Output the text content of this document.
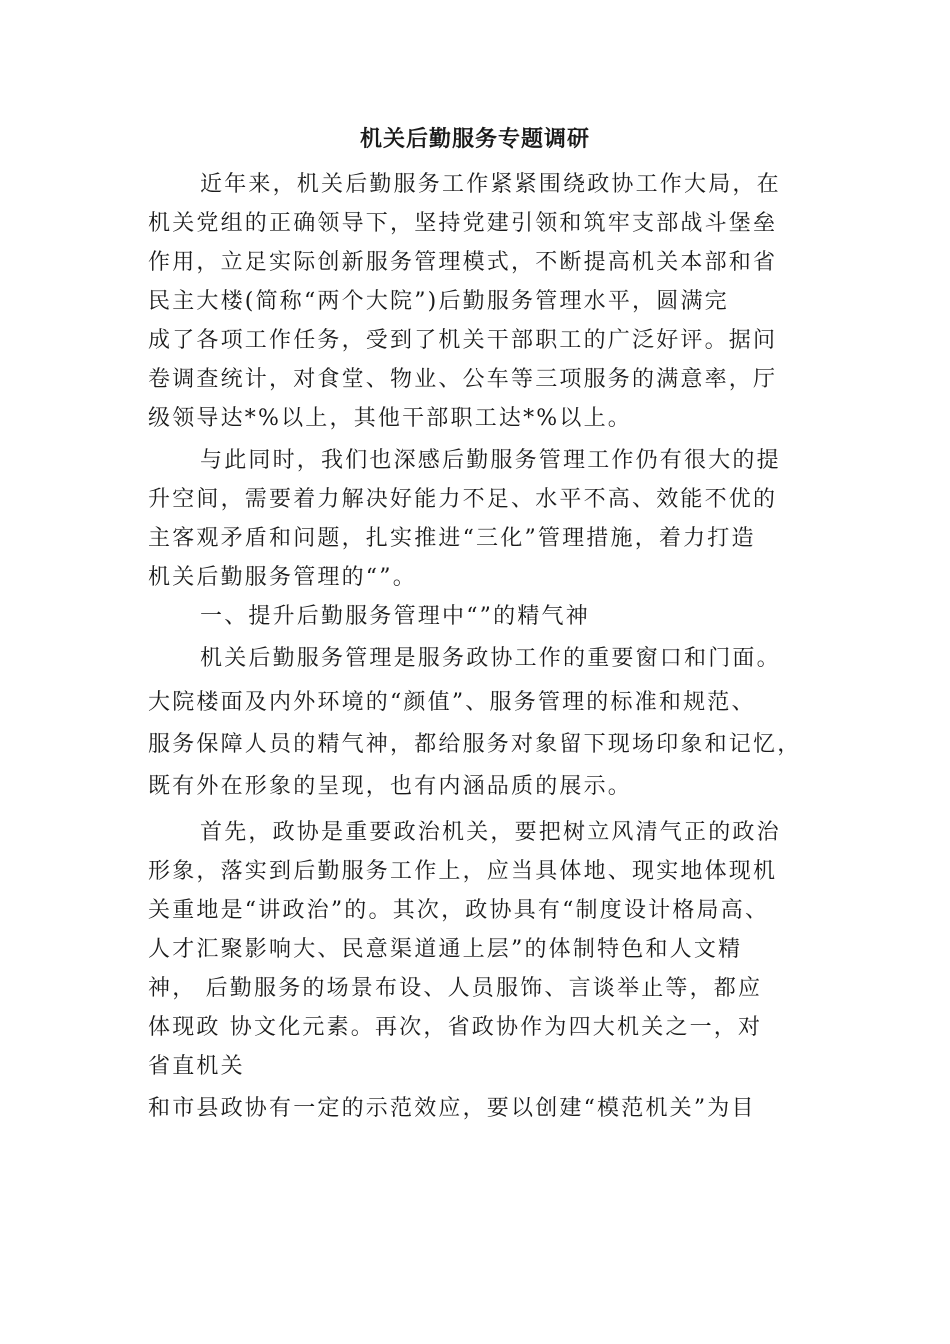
机关后勤服务专题调研
近年来，机关后勤服务工作紧紧围绕政协工作大局，在
机关党组的正确领导下，坚持党建引领和筑牢支部战斗堡垒
作用，立足实际创新服务管理模式，不断提高机关本部和省
民主大楼(简称“两个大院”)后勤服务管理水平，圆满完
成了各项工作任务，受到了机关干部职工的广泛好评。据问
卷调查统计，对食堂、物业、公车等三项服务的满意率，厅
级领导达*%以上，其他干部职工达*%以上。
与此同时，我们也深感后勤服务管理工作仍有很大的提
升空间，需要着力解决好能力不足、水平不高、效能不优的
主客观矛盾和问题，扎实推进“三化”管理措施，着力打造
机关后勤服务管理的“”。
一、提升后勤服务管理中“”的精气神
机关后勤服务管理是服务政协工作的重要窗口和门面。
大院楼面及内外环境的“颜值”、服务管理的标准和规范、
服务保障人员的精气神，都给服务对象留下现场印象和记忆，
既有外在形象的呈现，也有内涵品质的展示。
首先，政协是重要政治机关，要把树立风清气正的政治
形象，落实到后勤服务工作上，应当具体地、现实地体现机
关重地是“讲政治”的。其次，政协具有“制度设计格局高、
人才汇聚影响大、民意渠道通上层”的体制特色和人文精
神， 后勤服务的场景布设、人员服饰、言谈举止等，都应
体现政 协文化元素。再次，省政协作为四大机关之一，对
省直机关
和市县政协有一定的示范效应，要以创建“模范机关”为目
